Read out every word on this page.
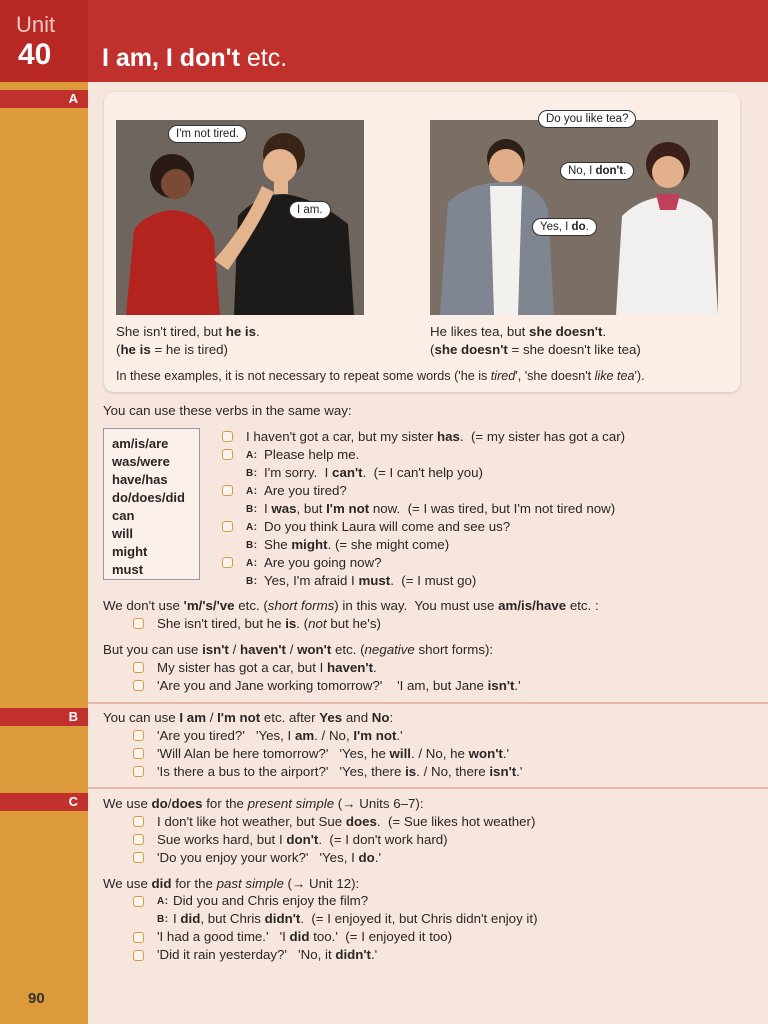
Unit
40 I am, I don't etc.
A
B
C
I'm not tired.
I am.
Do you like tea?
No, I don't.
Yes, I do.
She isn't tired, but he is.
(he is = he is tired)
He likes tea, but she doesn't.
(she doesn't = she doesn't like tea)
In these examples, it is not necessary to repeat some words ('he is tired', 'she doesn't like tea').
You can use these verbs in the same way:
am/is/are
was/were
have/has
do/does/did
can
will
might
must
I haven't got a car, but my sister has.  (= my sister has got a car)
A: Please help me.
B: I'm sorry.  I can't.  (= I can't help you)
A: Are you tired?
B: I was, but I'm not now.  (= I was tired, but I'm not tired now)
A: Do you think Laura will come and see us?
B: She might. (= she might come)
A: Are you going now?
B: Yes, I'm afraid I must.  (= I must go)
We don't use 'm/'s/'ve etc. (short forms) in this way.  You must use am/is/have etc. :
She isn't tired, but he is. (not but he's)
But you can use isn't / haven't / won't etc. (negative short forms):
My sister has got a car, but I haven't.
'Are you and Jane working tomorrow?'    'I am, but Jane isn't.'
You can use I am / I'm not etc. after Yes and No:
'Are you tired?'   'Yes, I am. / No, I'm not.'
'Will Alan be here tomorrow?'   'Yes, he will. / No, he won't.'
'Is there a bus to the airport?'   'Yes, there is. / No, there isn't.'
We use do/does for the present simple (→ Units 6–7):
I don't like hot weather, but Sue does.  (= Sue likes hot weather)
Sue works hard, but I don't.  (= I don't work hard)
'Do you enjoy your work?'   'Yes, I do.'
We use did for the past simple (→ Unit 12):
A: Did you and Chris enjoy the film?
B: I did, but Chris didn't.  (= I enjoyed it, but Chris didn't enjoy it)
'I had a good time.'   'I did too.'  (= I enjoyed it too)
'Did it rain yesterday?'   'No, it didn't.'
90
